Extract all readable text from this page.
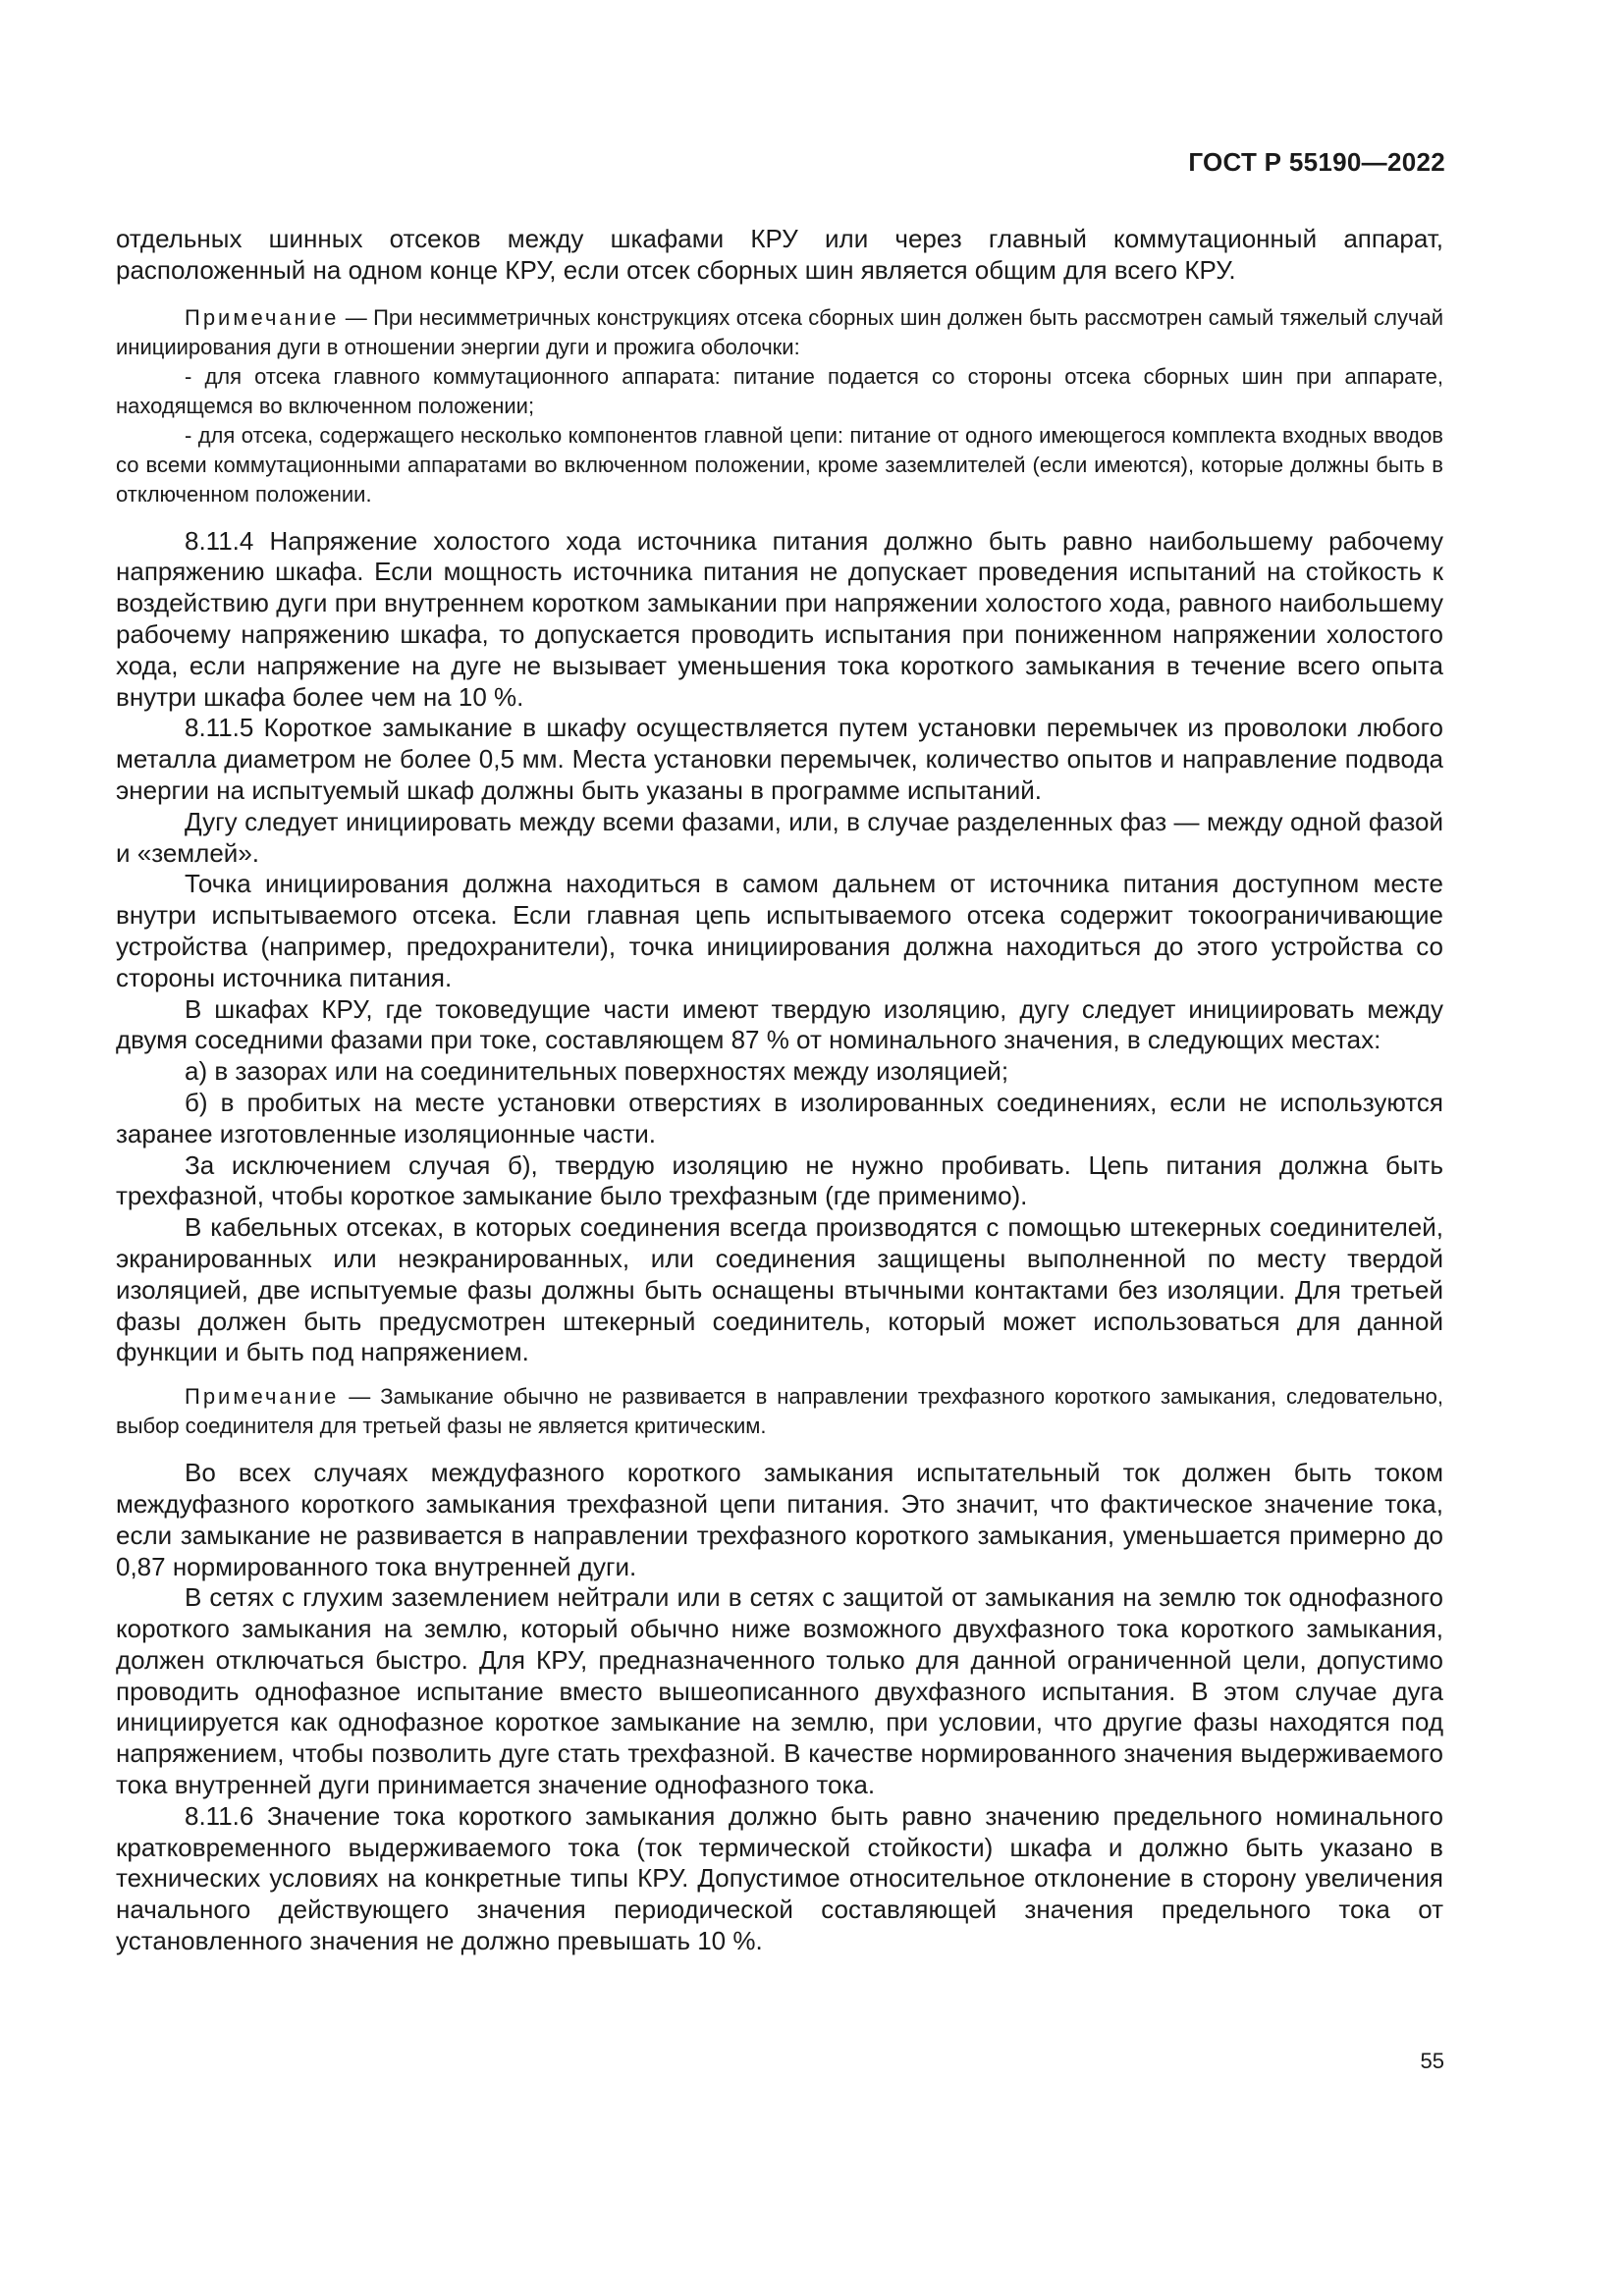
ГОСТ Р 55190—2022

отдельных шинных отсеков между шкафами КРУ или через главный коммутационный аппарат, расположенный на одном конце КРУ, если отсек сборных шин является общим для всего КРУ.

Примечание — При несимметричных конструкциях отсека сборных шин должен быть рассмотрен самый тяжелый случай инициирования дуги в отношении энергии дуги и прожига оболочки:

- для отсека главного коммутационного аппарата: питание подается со стороны отсека сборных шин при аппарате, находящемся во включенном положении;

- для отсека, содержащего несколько компонентов главной цепи: питание от одного имеющегося комплекта входных вводов со всеми коммутационными аппаратами во включенном положении, кроме заземлителей (если имеются), которые должны быть в отключенном положении.

8.11.4 Напряжение холостого хода источника питания должно быть равно наибольшему рабочему напряжению шкафа. Если мощность источника питания не допускает проведения испытаний на стойкость к воздействию дуги при внутреннем коротком замыкании при напряжении холостого хода, равного наибольшему рабочему напряжению шкафа, то допускается проводить испытания при пониженном напряжении холостого хода, если напряжение на дуге не вызывает уменьшения тока короткого замыкания в течение всего опыта внутри шкафа более чем на 10 %.

8.11.5 Короткое замыкание в шкафу осуществляется путем установки перемычек из проволоки любого металла диаметром не более 0,5 мм. Места установки перемычек, количество опытов и направление подвода энергии на испытуемый шкаф должны быть указаны в программе испытаний.

Дугу следует инициировать между всеми фазами, или, в случае разделенных фаз — между одной фазой и «землей».

Точка инициирования должна находиться в самом дальнем от источника питания доступном месте внутри испытываемого отсека. Если главная цепь испытываемого отсека содержит токоограничивающие устройства (например, предохранители), точка инициирования должна находиться до этого устройства со стороны источника питания.

В шкафах КРУ, где токоведущие части имеют твердую изоляцию, дугу следует инициировать между двумя соседними фазами при токе, составляющем 87 % от номинального значения, в следующих местах:

а) в зазорах или на соединительных поверхностях между изоляцией;

б) в пробитых на месте установки отверстиях в изолированных соединениях, если не используются заранее изготовленные изоляционные части.

За исключением случая б), твердую изоляцию не нужно пробивать. Цепь питания должна быть трехфазной, чтобы короткое замыкание было трехфазным (где применимо).

В кабельных отсеках, в которых соединения всегда производятся с помощью штекерных соединителей, экранированных или неэкранированных, или соединения защищены выполненной по месту твердой изоляцией, две испытуемые фазы должны быть оснащены втычными контактами без изоляции. Для третьей фазы должен быть предусмотрен штекерный соединитель, который может использоваться для данной функции и быть под напряжением.

Примечание — Замыкание обычно не развивается в направлении трехфазного короткого замыкания, следовательно, выбор соединителя для третьей фазы не является критическим.

Во всех случаях междуфазного короткого замыкания испытательный ток должен быть током междуфазного короткого замыкания трехфазной цепи питания. Это значит, что фактическое значение тока, если замыкание не развивается в направлении трехфазного короткого замыкания, уменьшается примерно до 0,87 нормированного тока внутренней дуги.

В сетях с глухим заземлением нейтрали или в сетях с защитой от замыкания на землю ток однофазного короткого замыкания на землю, который обычно ниже возможного двухфазного тока короткого замыкания, должен отключаться быстро. Для КРУ, предназначенного только для данной ограниченной цели, допустимо проводить однофазное испытание вместо вышеописанного двухфазного испытания. В этом случае дуга инициируется как однофазное короткое замыкание на землю, при условии, что другие фазы находятся под напряжением, чтобы позволить дуге стать трехфазной. В качестве нормированного значения выдерживаемого тока внутренней дуги принимается значение однофазного тока.

8.11.6 Значение тока короткого замыкания должно быть равно значению предельного номинального кратковременного выдерживаемого тока (ток термической стойкости) шкафа и должно быть указано в технических условиях на конкретные типы КРУ. Допустимое относительное отклонение в сторону увеличения начального действующего значения периодической составляющей значения предельного тока от установленного значения не должно превышать 10 %.

55
